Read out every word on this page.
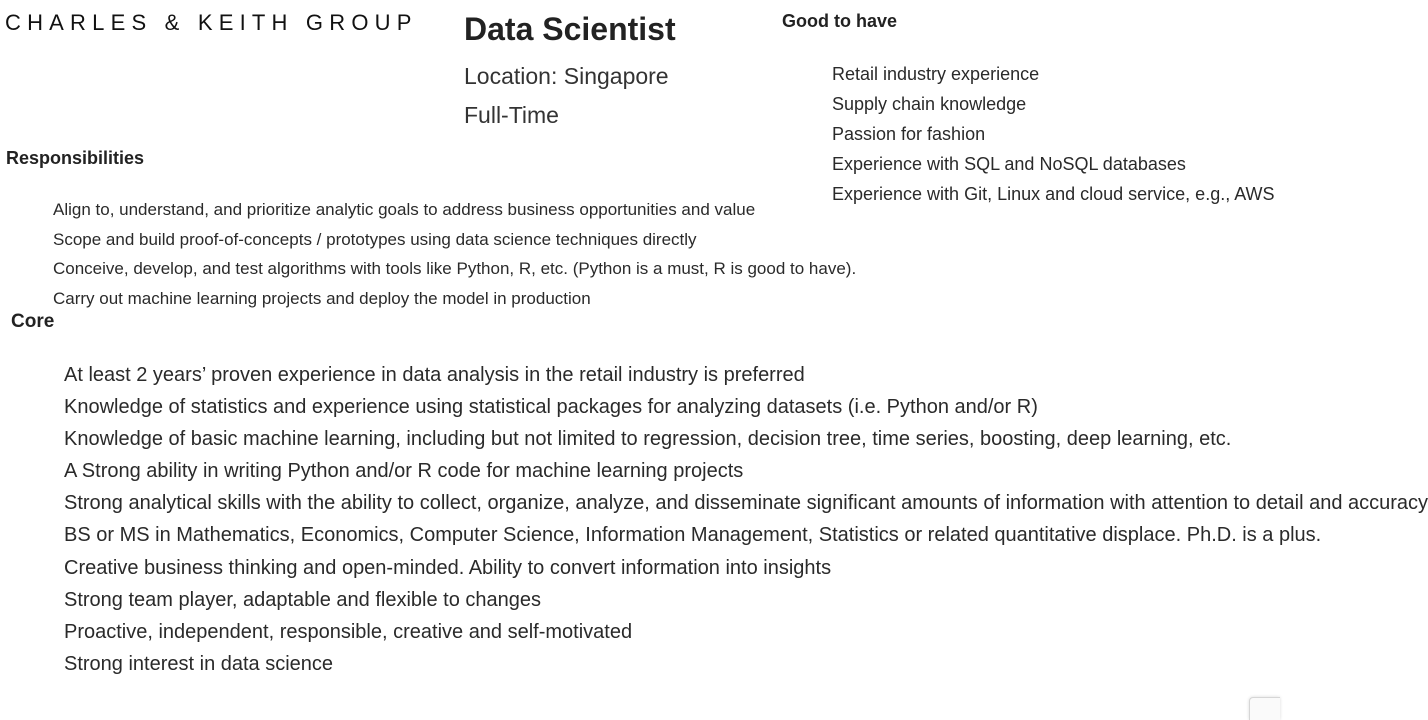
CHARLES & KEITH GROUP Data Scientist
Location: Singapore
Full-Time
Good to have
Retail industry experience
Supply chain knowledge
Passion for fashion
Experience with SQL and NoSQL databases
Experience with Git, Linux and cloud service, e.g., AWS
Responsibilities
Align to, understand, and prioritize analytic goals to address business opportunities and value
Scope and build proof-of-concepts / prototypes using data science techniques directly
Conceive, develop, and test algorithms with tools like Python, R, etc. (Python is a must, R is good to have).
Carry out machine learning projects and deploy the model in production
Core
At least 2 years’ proven experience in data analysis in the retail industry is preferred
Knowledge of statistics and experience using statistical packages for analyzing datasets (i.e. Python and/or R)
Knowledge of basic machine learning, including but not limited to regression, decision tree, time series, boosting, deep learning, etc.
A Strong ability in writing Python and/or R code for machine learning projects
Strong analytical skills with the ability to collect, organize, analyze, and disseminate significant amounts of information with attention to detail and accuracy
BS or MS in Mathematics, Economics, Computer Science, Information Management, Statistics or related quantitative displace. Ph.D. is a plus.
Creative business thinking and open-minded. Ability to convert information into insights
Strong team player, adaptable and flexible to changes
Proactive, independent, responsible, creative and self-motivated
Strong interest in data science
